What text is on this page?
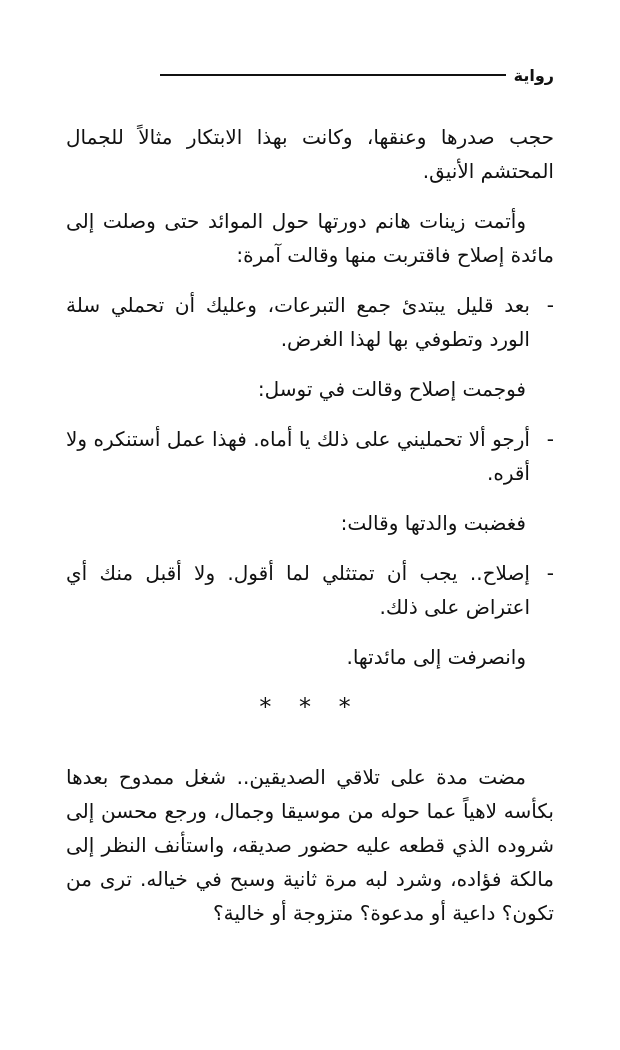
رواية

حجب صدرها وعنقها، وكانت بهذا الابتكار مثالاً للجمال المحتشم الأنيق.

وأتمت زينات هانم دورتها حول الموائد حتى وصلت إلى مائدة إصلاح فاقتربت منها وقالت آمرة:

-

بعد قليل يبتدئ جمع التبرعات، وعليك أن تحملي سلة الورد وتطوفي بها لهذا الغرض.

فوجمت إصلاح وقالت في توسل:

-

أرجو ألا تحمليني على ذلك يا أماه. فهذا عمل أستنكره ولا أقره.

فغضبت والدتها وقالت:

-

إصلاح.. يجب أن تمتثلي لما أقول. ولا أقبل منك أي اعتراض على ذلك.

وانصرفت إلى مائدتها.

* * *

مضت مدة على تلاقي الصديقين.. شغل ممدوح بعدها بكأسه لاهياً عما حوله من موسيقا وجمال، ورجع محسن إلى شروده الذي قطعه عليه حضور صديقه، واستأنف النظر إلى مالكة فؤاده، وشرد لبه مرة ثانية وسبح في خياله. ترى من تكون؟ داعية أو مدعوة؟ متزوجة أو خالية؟
